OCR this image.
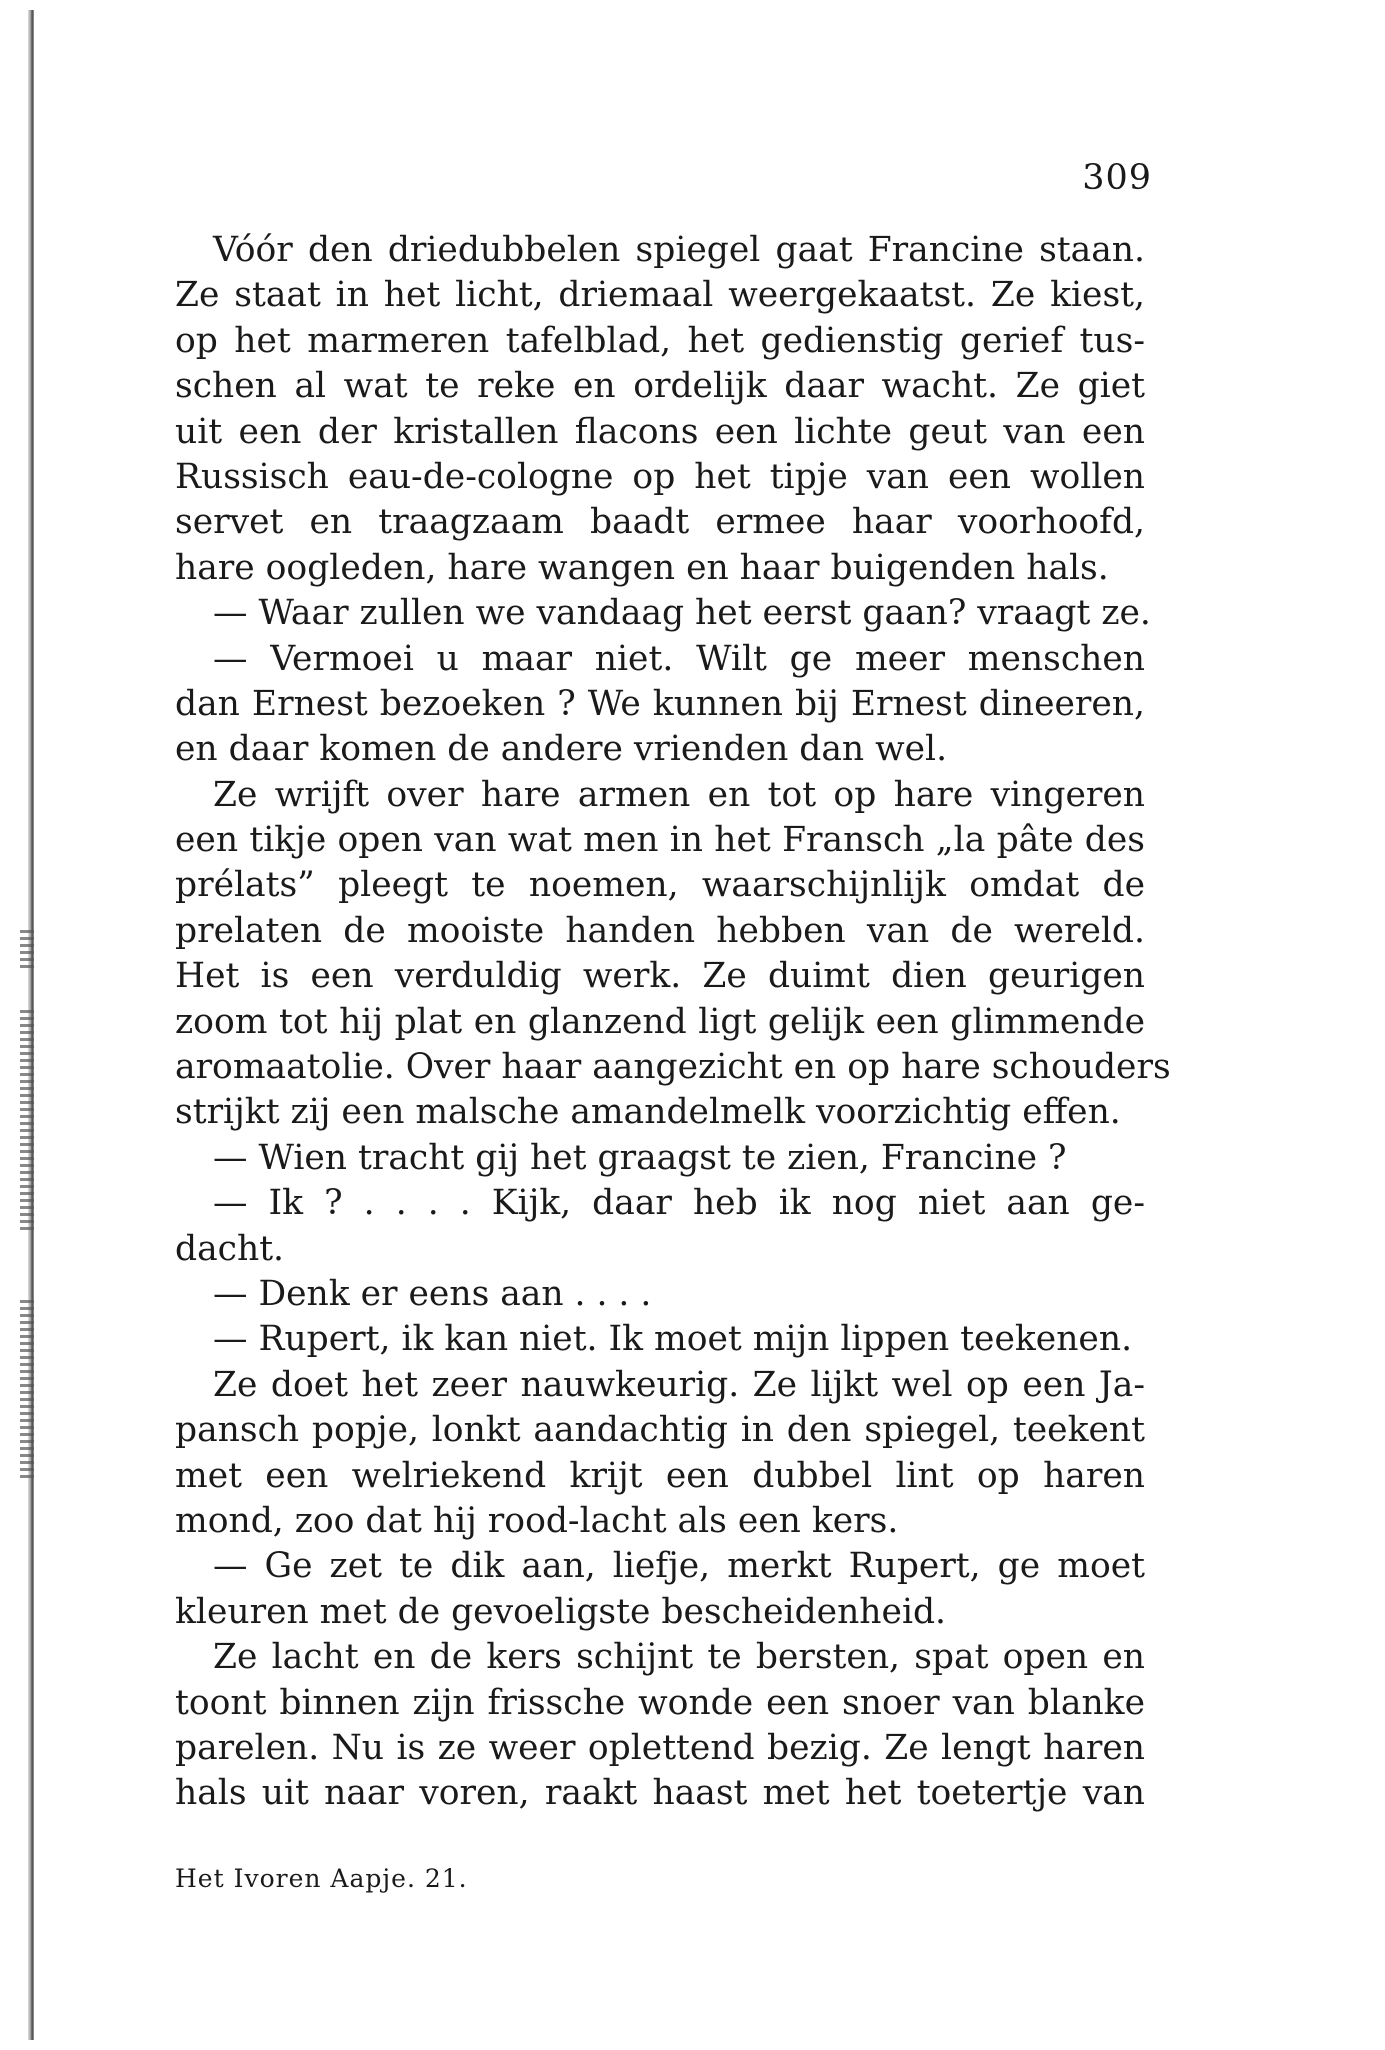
309
Vóór den driedubbelen spiegel gaat Francine staan.
Ze staat in het licht, driemaal weergekaatst. Ze kiest,
op het marmeren tafelblad, het gedienstig gerief tus-
schen al wat te reke en ordelijk daar wacht. Ze giet
uit een der kristallen flacons een lichte geut van een
Russisch eau-de-cologne op het tipje van een wollen
servet en traagzaam baadt ermee haar voorhoofd,
hare oogleden, hare wangen en haar buigenden hals.
— Waar zullen we vandaag het eerst gaan? vraagt ze.
— Vermoei u maar niet. Wilt ge meer menschen
dan Ernest bezoeken ? We kunnen bij Ernest dineeren,
en daar komen de andere vrienden dan wel.
Ze wrijft over hare armen en tot op hare vingeren
een tikje open van wat men in het Fransch „la pâte des
prélats” pleegt te noemen, waarschijnlijk omdat de
prelaten de mooiste handen hebben van de wereld.
Het is een verduldig werk. Ze duimt dien geurigen
zoom tot hij plat en glanzend ligt gelijk een glimmende
aromaatolie. Over haar aangezicht en op hare schouders
strijkt zij een malsche amandelmelk voorzichtig effen.
— Wien tracht gij het graagst te zien, Francine ?
— Ik ? . . . . Kijk, daar heb ik nog niet aan ge-
dacht.
— Denk er eens aan . . . .
— Rupert, ik kan niet. Ik moet mijn lippen teekenen.
Ze doet het zeer nauwkeurig. Ze lijkt wel op een Ja-
pansch popje, lonkt aandachtig in den spiegel, teekent
met een welriekend krijt een dubbel lint op haren
mond, zoo dat hij rood-lacht als een kers.
— Ge zet te dik aan, liefje, merkt Rupert, ge moet
kleuren met de gevoeligste bescheidenheid.
Ze lacht en de kers schijnt te bersten, spat open en
toont binnen zijn frissche wonde een snoer van blanke
parelen. Nu is ze weer oplettend bezig. Ze lengt haren
hals uit naar voren, raakt haast met het toetertje van
Het Ivoren Aapje. 21.
